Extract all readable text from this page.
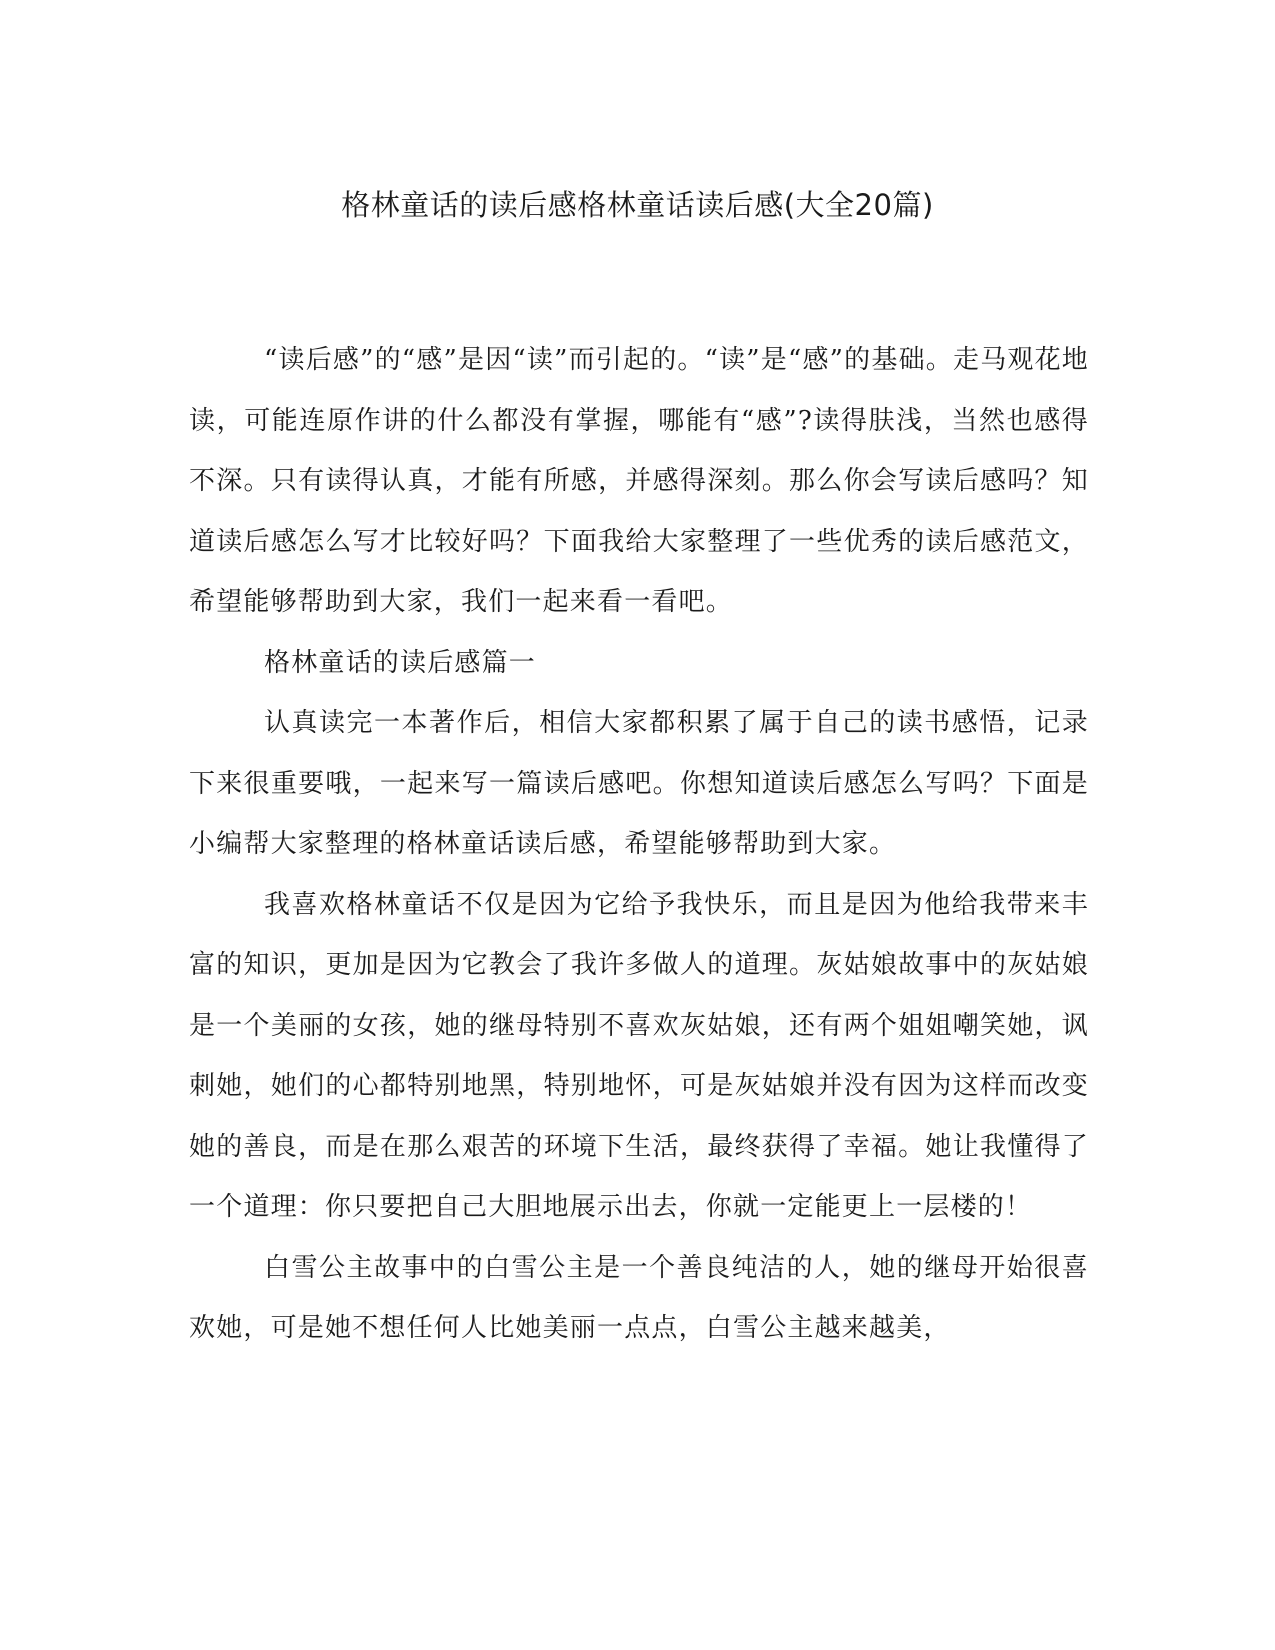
格林童话的读后感格林童话读后感(大全20篇)

“读后感”的“感”是因“读”而引起的。“读”是“感”的基础。走马观花地读，可能连原作讲的什么都没有掌握，哪能有“感”?读得肤浅，当然也感得不深。只有读得认真，才能有所感，并感得深刻。那么你会写读后感吗？知道读后感怎么写才比较好吗？下面我给大家整理了一些优秀的读后感范文，希望能够帮助到大家，我们一起来看一看吧。

格林童话的读后感篇一

认真读完一本著作后，相信大家都积累了属于自己的读书感悟，记录下来很重要哦，一起来写一篇读后感吧。你想知道读后感怎么写吗？下面是小编帮大家整理的格林童话读后感，希望能够帮助到大家。

我喜欢格林童话不仅是因为它给予我快乐，而且是因为他给我带来丰富的知识，更加是因为它教会了我许多做人的道理。灰姑娘故事中的灰姑娘是一个美丽的女孩，她的继母特别不喜欢灰姑娘，还有两个姐姐嘲笑她，讽刺她，她们的心都特别地黑，特别地怀，可是灰姑娘并没有因为这样而改变她的善良，而是在那么艰苦的环境下生活，最终获得了幸福。她让我懂得了一个道理：你只要把自己大胆地展示出去，你就一定能更上一层楼的！

白雪公主故事中的白雪公主是一个善良纯洁的人，她的继母开始很喜欢她，可是她不想任何人比她美丽一点点，白雪公主越来越美，
